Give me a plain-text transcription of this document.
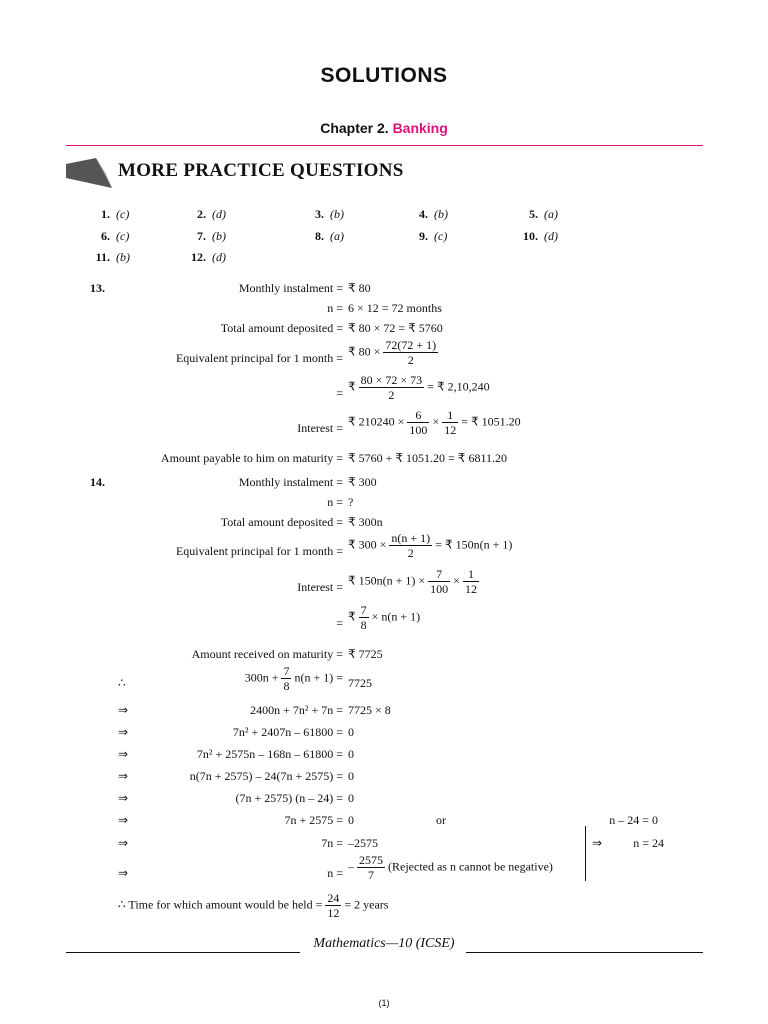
SOLUTIONS
Chapter 2. Banking
MORE PRACTICE QUESTIONS
1. (c)	2. (d)	3. (b)	4. (b)	5. (a)
6. (c)	7. (b)	8. (a)	9. (c)	10. (d)
11. (b)	12. (d)
13.	Monthly instalment = ₹ 80
n = 6 × 12 = 72 months
Total amount deposited = ₹ 80 × 72 = ₹ 5760
Equivalent principal for 1 month = ₹ $80 \times \frac{72(72 + 1)}{2}$
= ₹ $\frac{80 \times 72 \times 73}{2}$ = ₹ 2,10,240
Interest = ₹ $210240 \times \frac{6}{100} \times \frac{1}{12}$ = ₹ 1051.20
Amount payable to him on maturity = ₹ 5760 + ₹ 1051.20 = ₹ 6811.20
14.	Monthly instalment = ₹ 300
n = ?
Total amount deposited = ₹ 300n
Equivalent principal for 1 month = ₹ $300 \times \frac{n(n + 1)}{2}$ = ₹ 150n(n + 1)
Interest = ₹ $150n(n + 1) \times \frac{7}{100} \times \frac{1}{12}$
= ₹ $\frac{7}{8} \times n(n + 1)$
Amount received on maturity = ₹ 7725
∴	$300n + \frac{7}{8} n(n + 1) = 7725$
⇒	2400n + 7n² + 7n = 7725 × 8
⇒	7n² + 2407n – 61800 = 0
⇒	7n² + 2575n – 168n – 61800 = 0
⇒	n(7n + 2575) – 24(7n + 2575) = 0
⇒	(7n + 2575) (n – 24) = 0
⇒	7n + 2575 = 0	or	n – 24 = 0
⇒	7n = –2575	⇒	n = 24
⇒	n = – $\frac{2575}{7}$ (Rejected as n cannot be negative)
∴ Time for which amount would be held = $\frac{24}{12} = 2$ years
Mathematics—10 (ICSE)
(1)
